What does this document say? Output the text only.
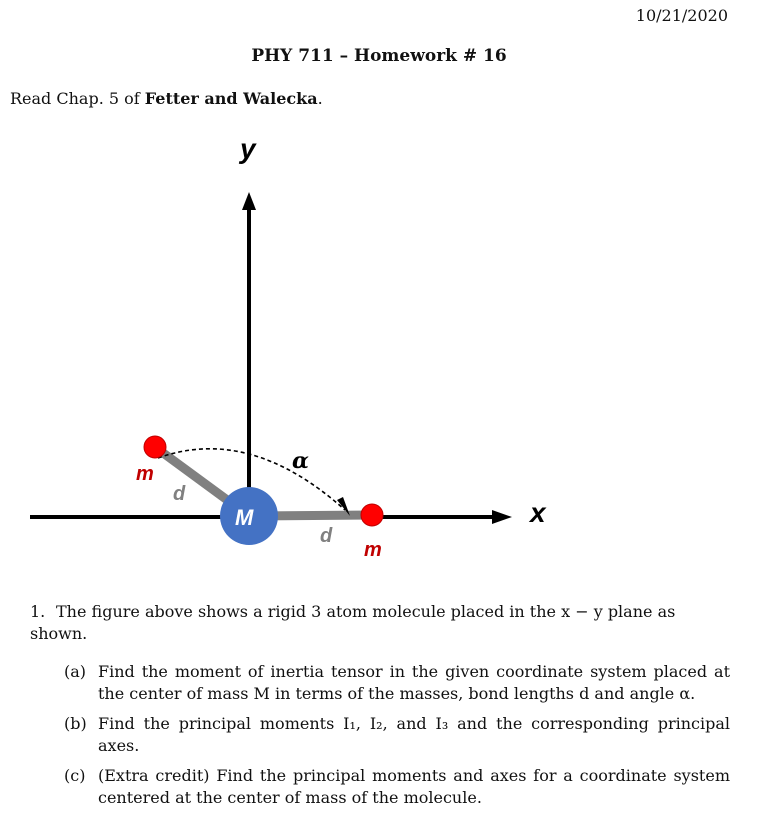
10/21/2020
PHY 711 – Homework # 16
Read Chap. 5 of Fetter and Walecka.
y
x
α
M
m
m
d
d
1. The figure above shows a rigid 3 atom molecule placed in the x − y plane as shown.
(a) Find the moment of inertia tensor in the given coordinate system placed at the center of mass M in terms of the masses, bond lengths d and angle α.
(b) Find the principal moments I₁, I₂, and I₃ and the corresponding principal axes.
(c) (Extra credit) Find the principal moments and axes for a coordinate system centered at the center of mass of the molecule.
